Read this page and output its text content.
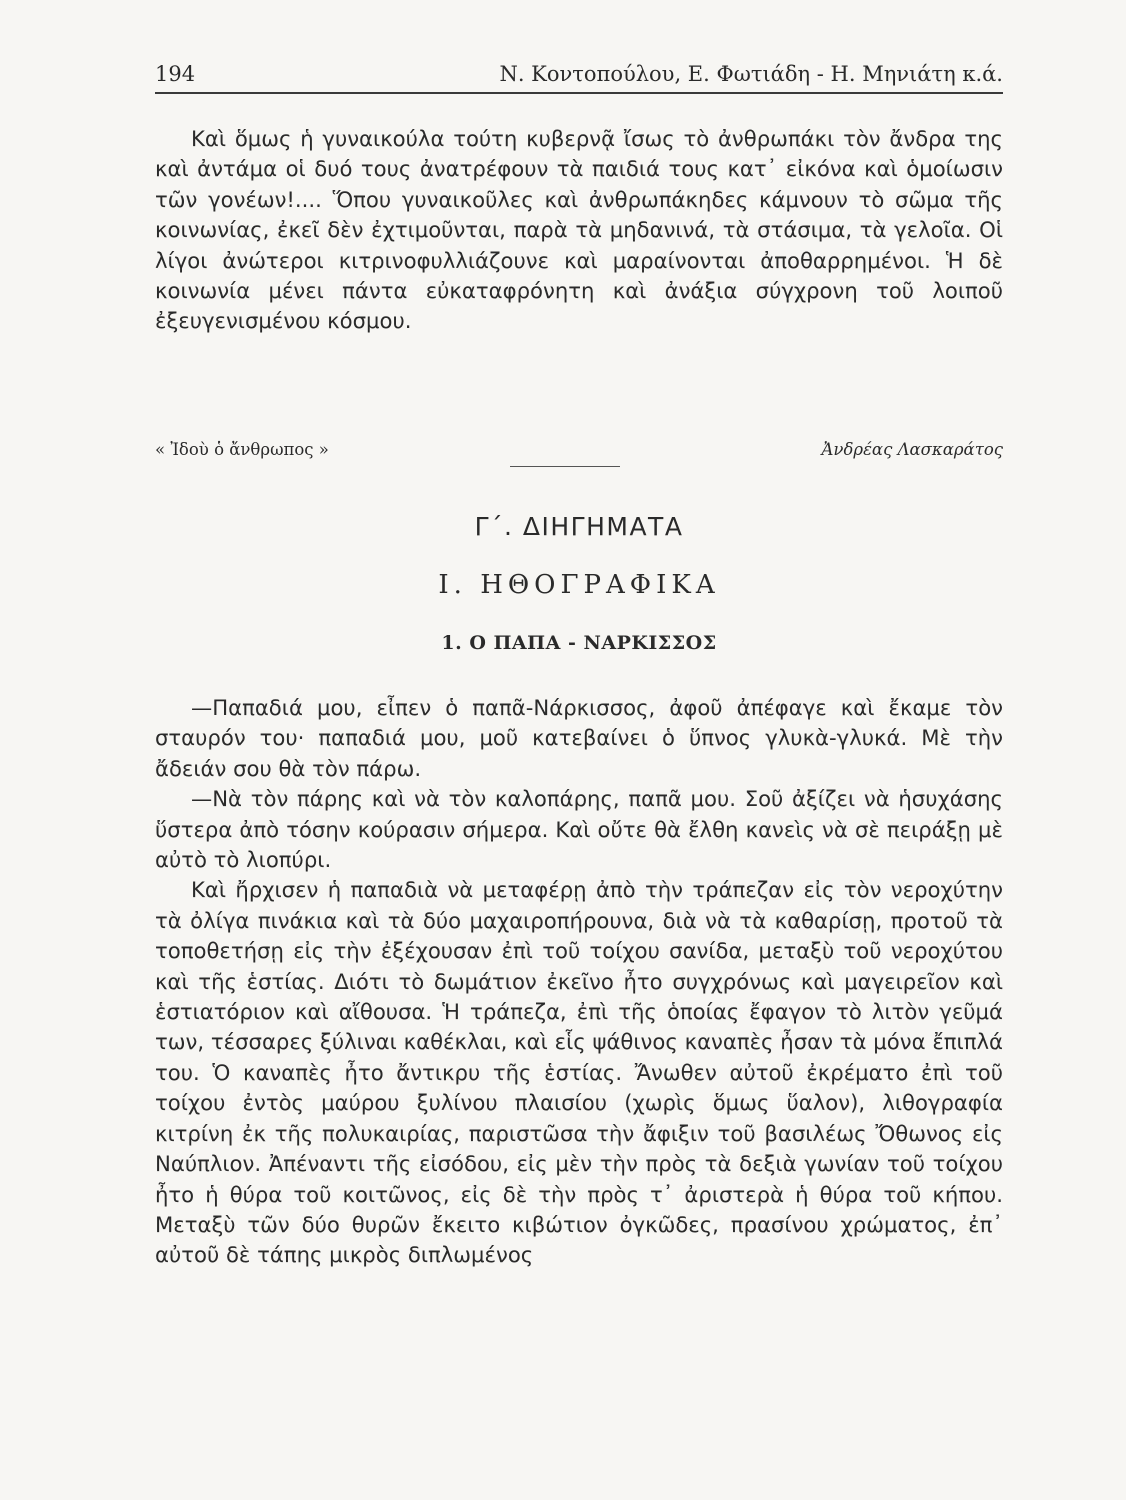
194	Ν. Κοντοπούλου, Ε. Φωτιάδη - Η. Μηνιάτη κ.ά.

Καὶ ὅμως ἡ γυναικούλα τούτη κυβερνᾷ ἴσως τὸ ἀνθρωπάκι τὸν ἄνδρα της καὶ ἀντάμα οἱ δυό τους ἀνατρέφουν τὰ παιδιά τους κατ᾽ εἰκόνα καὶ ὁμοίωσιν τῶν γονέων!.... Ὅπου γυναικοῦλες καὶ ἀνθρωπάκηδες κάμνουν τὸ σῶμα τῆς κοινωνίας, ἐκεῖ δὲν ἐχτιμοῦνται, παρὰ τὰ μηδανινά, τὰ στάσιμα, τὰ γελοῖα. Οἱ λίγοι ἀνώτεροι κιτρινοφυλλιάζουνε καὶ μαραίνονται ἀποθαρρημένοι. Ἡ δὲ κοινωνία μένει πάντα εὐκαταφρόνητη καὶ ἀνάξια σύγχρονη τοῦ λοιποῦ ἐξευγενισμένου κόσμου.

« Ἰδοὺ ὁ ἄνθρωπος »	Ἀνδρέας Λασκαράτος
Γ΄. ΔΙΗΓΗΜΑΤΑ
Ι. ΗΘΟΓΡΑΦΙΚΑ
1. Ο ΠΑΠΑ - ΝΑΡΚΙΣΣΟΣ

—Παπαδιά μου, εἶπεν ὁ παπᾶ-Νάρκισσος, ἀφοῦ ἀπέφαγε καὶ ἔκαμε τὸν σταυρόν του· παπαδιά μου, μοῦ κατεβαίνει ὁ ὕπνος γλυκὰ-γλυκά. Μὲ τὴν ἄδειάν σου θὰ τὸν πάρω.

—Νὰ τὸν πάρης καὶ νὰ τὸν καλοπάρης, παπᾶ μου. Σοῦ ἀξίζει νὰ ἡσυχάσης ὕστερα ἀπὸ τόσην κούρασιν σήμερα. Καὶ οὔτε θὰ ἔλθη κανεὶς νὰ σὲ πειράξῃ μὲ αὐτὸ τὸ λιοπύρι.

Καὶ ἤρχισεν ἡ παπαδιὰ νὰ μεταφέρῃ ἀπὸ τὴν τράπεζαν εἰς τὸν νεροχύτην τὰ ὀλίγα πινάκια καὶ τὰ δύο μαχαιροπήρουνα, διὰ νὰ τὰ καθαρίσῃ, προτοῦ τὰ τοποθετήσῃ εἰς τὴν ἐξέχουσαν ἐπὶ τοῦ τοίχου σανίδα, μεταξὺ τοῦ νεροχύτου καὶ τῆς ἑστίας. Διότι τὸ δωμάτιον ἐκεῖνο ἦτο συγχρόνως καὶ μαγειρεῖον καὶ ἑστιατόριον καὶ αἴθουσα. Ἡ τράπεζα, ἐπὶ τῆς ὁποίας ἔφαγον τὸ λιτὸν γεῦμά των, τέσσαρες ξύλιναι καθέκλαι, καὶ εἷς ψάθινος καναπὲς ἦσαν τὰ μόνα ἔπιπλά του. Ὁ καναπὲς ἦτο ἄντικρυ τῆς ἑστίας. Ἄνωθεν αὐτοῦ ἐκρέματο ἐπὶ τοῦ τοίχου ἐντὸς μαύρου ξυλίνου πλαισίου (χωρὶς ὅμως ὕαλον), λιθογραφία κιτρίνη ἐκ τῆς πολυκαιρίας, παριστῶσα τὴν ἄφιξιν τοῦ βασιλέως Ὄθωνος εἰς Ναύπλιον. Ἀπέναντι τῆς εἰσόδου, εἰς μὲν τὴν πρὸς τὰ δεξιὰ γωνίαν τοῦ τοίχου ἦτο ἡ θύρα τοῦ κοιτῶνος, εἰς δὲ τὴν πρὸς τ᾽ ἀριστερὰ ἡ θύρα τοῦ κήπου. Μεταξὺ τῶν δύο θυρῶν ἔκειτο κιβώτιον ὀγκῶδες, πρασίνου χρώματος, ἐπ᾽ αὐτοῦ δὲ τάπης μικρὸς διπλωμένος
